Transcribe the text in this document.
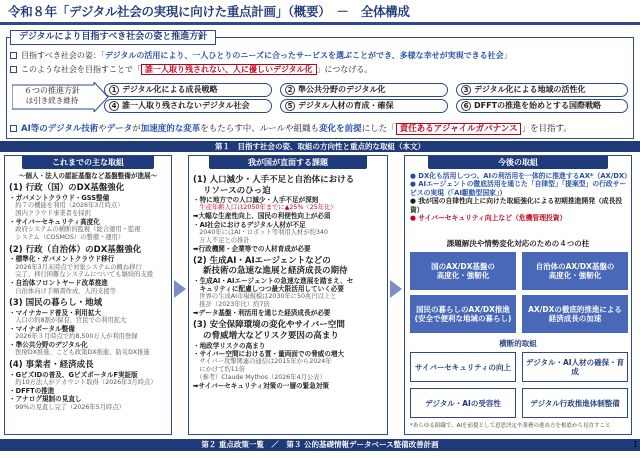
令和８年「デジタル社会の実現に向けた重点計画」（概要）　－　全体構成
デジタルにより目指すべき社会の姿と推進方針
目指すべき社会の姿：「デジタルの活用により、一人ひとりのニーズに合ったサービスを選ぶことができ、多様な幸せが実現できる社会」
このような社会を目指すことで「 誰一人取り残されない、人に優しいデジタル化 」につなげる。
６つの推進方針
は引き続き維持
1 デジタル化による成長戦略	2 準公共分野のデジタル化	3 デジタル化による地域の活性化
4 誰一人取り残されないデジタル社会	5 デジタル人材の育成・確保	6 DFFTの推進を始めとする国際戦略
AI等のデジタル技術やデータが加速度的な変革をもたらす中、ルールや組織も変化を前提にした「 責任あるアジャイルガバナンス 」を目指す。
第１　目指す社会の姿、取組の方向性と重点的な取組（本文）
これまでの主な取組
～個人・法人の認証基盤など基盤整備が進展～
(1) 行政（国）のDX基盤強化
・ガバメントクラウド・GSS整備
　約７の機能を利用（2026年3月時点）
　国内クラウド事業者を採択
・サイバーセキュリティ高度化
　政府システムの横断的監視（総合運用・監視
　システム（COSMOS）の整備・運用）
(2) 行政（自治体）のDX基盤強化
・標準化・ガバメントクラウド移行
　2026年3月末時点で対象システムの概ね移行
　完了、移行困難なシステムについても継続的支援
・自治体フロントヤード改革推進
　自治体向け手順書作成、人的支援等
(3) 国民の暮らし・地域
・マイナカード普及・利用拡大
　人口の約8割が保有、官民での利用拡大
・マイナポータル整備
　2026年３月時点で約8,500万人が利用登録
・準公共分野のデジタル化
　医療DX推進、こども政策DX推進、防災DX推進
(4) 事業者・経済成長
・GビズIDの普及、GビズポータルF実証版
　約10万法人がアカウント取得（2026年3月時点）
・DFFTの推進
・アナログ規制の見直し
　99%の見直し完了（2026年5月時点）
我が国が直面する課題
(1) 人口減少・人手不足と自治体における
リソースのひっ迫
・特に地方での人口減少・人手不足が深刻
　生産年齢人口は2050年までに▲25%（25年比）
➡大幅な生産性向上、国民の利便性向上が必須
・AI社会におけるデジタル人材が不足
　2040年にはAI・ロボット等利用人材が約340
　万人不足との推計
➡行政機関・企業等での人材育成が必要
(2) 生成AI・AIエージェントなどの
新技術の急速な進展と経済成長の期待
・生成AI・AIエージェントの急速な進展を踏まえ、セ
　キュリティに配慮しつつ最大限活用していく必要
　世界の生成AI市場規模は2030年に50兆円以上と
　推計（2023年比）約7倍
➡データ基盤・利活用を通じた経済成長が必要
(3) 安全保障環境の変化やサイバー空間
の脅威増大などリスク要因の高まり
・地政学リスクの高まり
・サイバー空間における質・量両面での脅威の増大
　サイバー攻撃関連の通信は2015年から2024年
　にかけて約11倍
　（参考）Claude Mythos（2026年4月公表）
➡サイバーセキュリティ対策の一層の緊急対策
今後の取組
● DX化も活用しつつ、AIの利活用を一体的に推進するAX*（AX/DX）
● AIエージェントの徹底活用を通じた「自律型」「提案型」の行政サービスの実現（「AI駆動型国家」）
● 我が国の自律性向上に向けた取組強化による初期推進開発（成長投資）
● サイバーセキュリティ向上など（危機管理投資）
課題解決や情勢変化対応のための４つの柱
国のAX/DX基盤の
高度化・強靭化
自治体のAX/DX基盤の
高度化・強靭化
国民の暮らしのAX/DX推進
(安全で便利な地域の暮らし)
AX/DXの徹底的推進による
経済成長の加速
横断的取組
サイバーセキュリティの向上	デジタル・AI人材の確保・育成
デジタル・AIの受容性	デジタル行政推進体制整備
*あらゆる組織で、AIを前提として意思決定や業務の進め方を根底から見直すこと
第２ 重点政策一覧　／　第３ 公的基礎情報データベース整備改善計画	1
